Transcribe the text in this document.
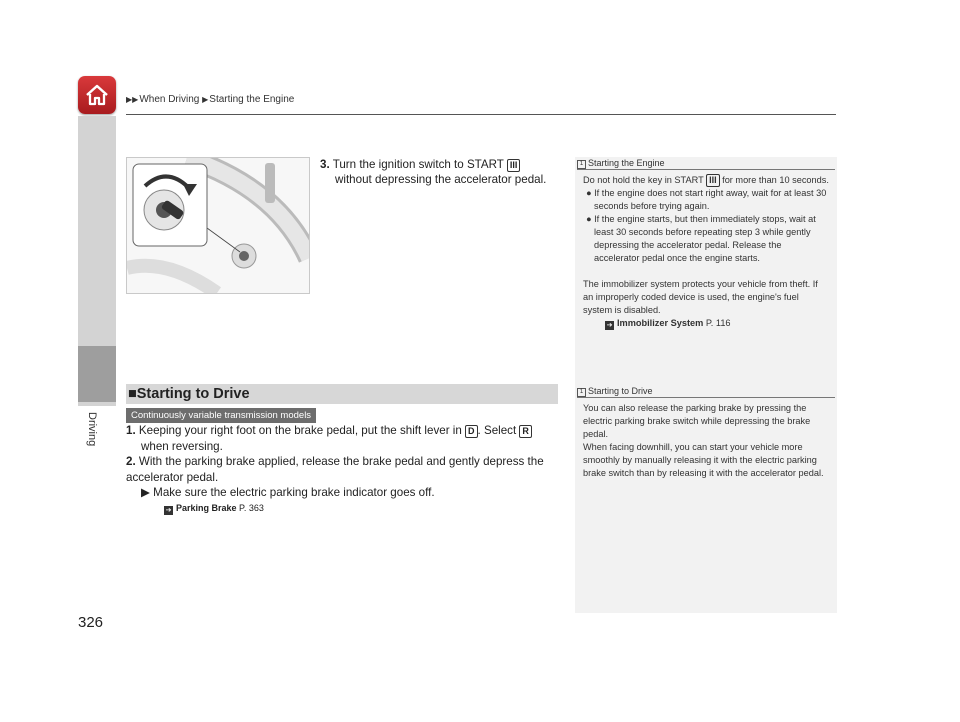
▶▶When Driving ▶Starting the Engine
Driving
326
3. Turn the ignition switch to START III
without depressing the accelerator pedal.
1 Starting the Engine
Do not hold the key in START III for more than 10 seconds.
● If the engine does not start right away, wait for at least 30 seconds before trying again.
● If the engine starts, but then immediately stops, wait at least 30 seconds before repeating step 3 while gently depressing the accelerator pedal. Release the accelerator pedal once the engine starts.
The immobilizer system protects your vehicle from theft. If an improperly coded device is used, the engine's fuel system is disabled.
➔ Immobilizer System P. 116
1 Starting to Drive
You can also release the parking brake by pressing the electric parking brake switch while depressing the brake pedal.
When facing downhill, you can start your vehicle more smoothly by manually releasing it with the electric parking brake switch than by releasing it with the accelerator pedal.
■Starting to Drive
Continuously variable transmission models

1. Keeping your right foot on the brake pedal, put the shift lever in D . Select R

when reversing.

2. With the parking brake applied, release the brake pedal and gently depress the accelerator pedal.

▶ Make sure the electric parking brake indicator goes off.

➔ Parking Brake P. 363
